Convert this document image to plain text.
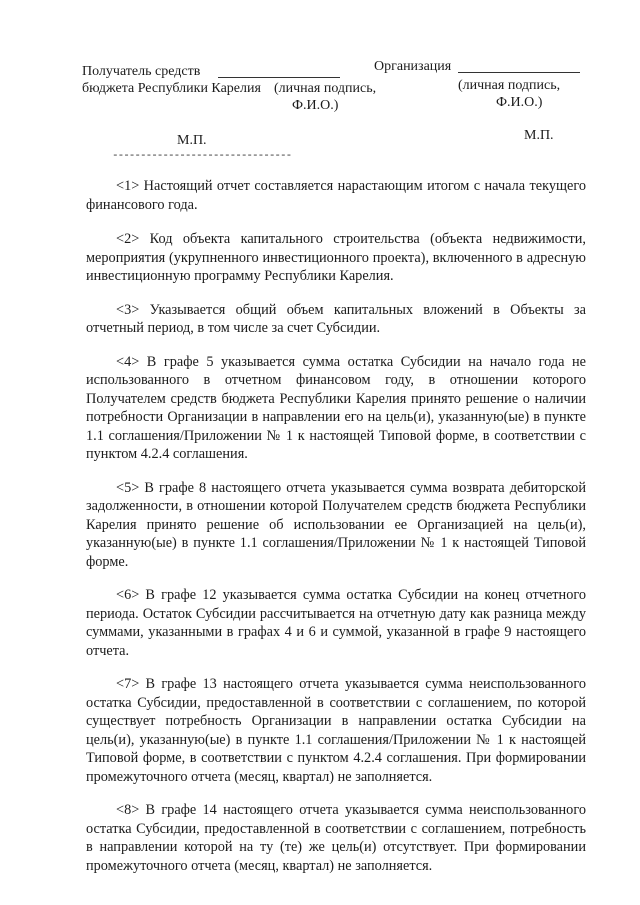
Получатель средств
бюджета Республики Карелия (личная подпись,
Ф.И.О.)
Организация
(личная подпись,
Ф.И.О.)
М.П.	М.П.
--------------------------------

<1> Настоящий отчет составляется нарастающим итогом с начала текущего финансового года.

<2> Код объекта капитального строительства (объекта недвижимости, мероприятия (укрупненного инвестиционного проекта), включенного в адресную инвестиционную программу Республики Карелия.

<3> Указывается общий объем капитальных вложений в Объекты за отчетный период, в том числе за счет Субсидии.

<4> В графе 5 указывается сумма остатка Субсидии на начало года не использованного в отчетном финансовом году, в отношении которого Получателем средств бюджета Республики Карелия принято решение о наличии потребности Организации в направлении его на цель(и), указанную(ые) в пункте 1.1 соглашения/Приложении № 1 к настоящей Типовой форме, в соответствии с пунктом 4.2.4 соглашения.

<5> В графе 8 настоящего отчета указывается сумма возврата дебиторской задолженности, в отношении которой Получателем средств бюджета Республики Карелия принято решение об использовании ее Организацией на цель(и), указанную(ые) в пункте 1.1 соглашения/Приложении № 1 к настоящей Типовой форме.

<6> В графе 12 указывается сумма остатка Субсидии на конец отчетного периода. Остаток Субсидии рассчитывается на отчетную дату как разница между суммами, указанными в графах 4 и 6 и суммой, указанной в графе 9 настоящего отчета.

<7> В графе 13 настоящего отчета указывается сумма неиспользованного остатка Субсидии, предоставленной в соответствии с соглашением, по которой существует потребность Организации в направлении остатка Субсидии на цель(и), указанную(ые) в пункте 1.1 соглашения/Приложении № 1 к настоящей Типовой форме, в соответствии с пунктом 4.2.4 соглашения. При формировании промежуточного отчета (месяц, квартал) не заполняется.

<8> В графе 14 настоящего отчета указывается сумма неиспользованного остатка Субсидии, предоставленной в соответствии с соглашением, потребность в направлении которой на ту (те) же цель(и) отсутствует. При формировании промежуточного отчета (месяц, квартал) не заполняется.
